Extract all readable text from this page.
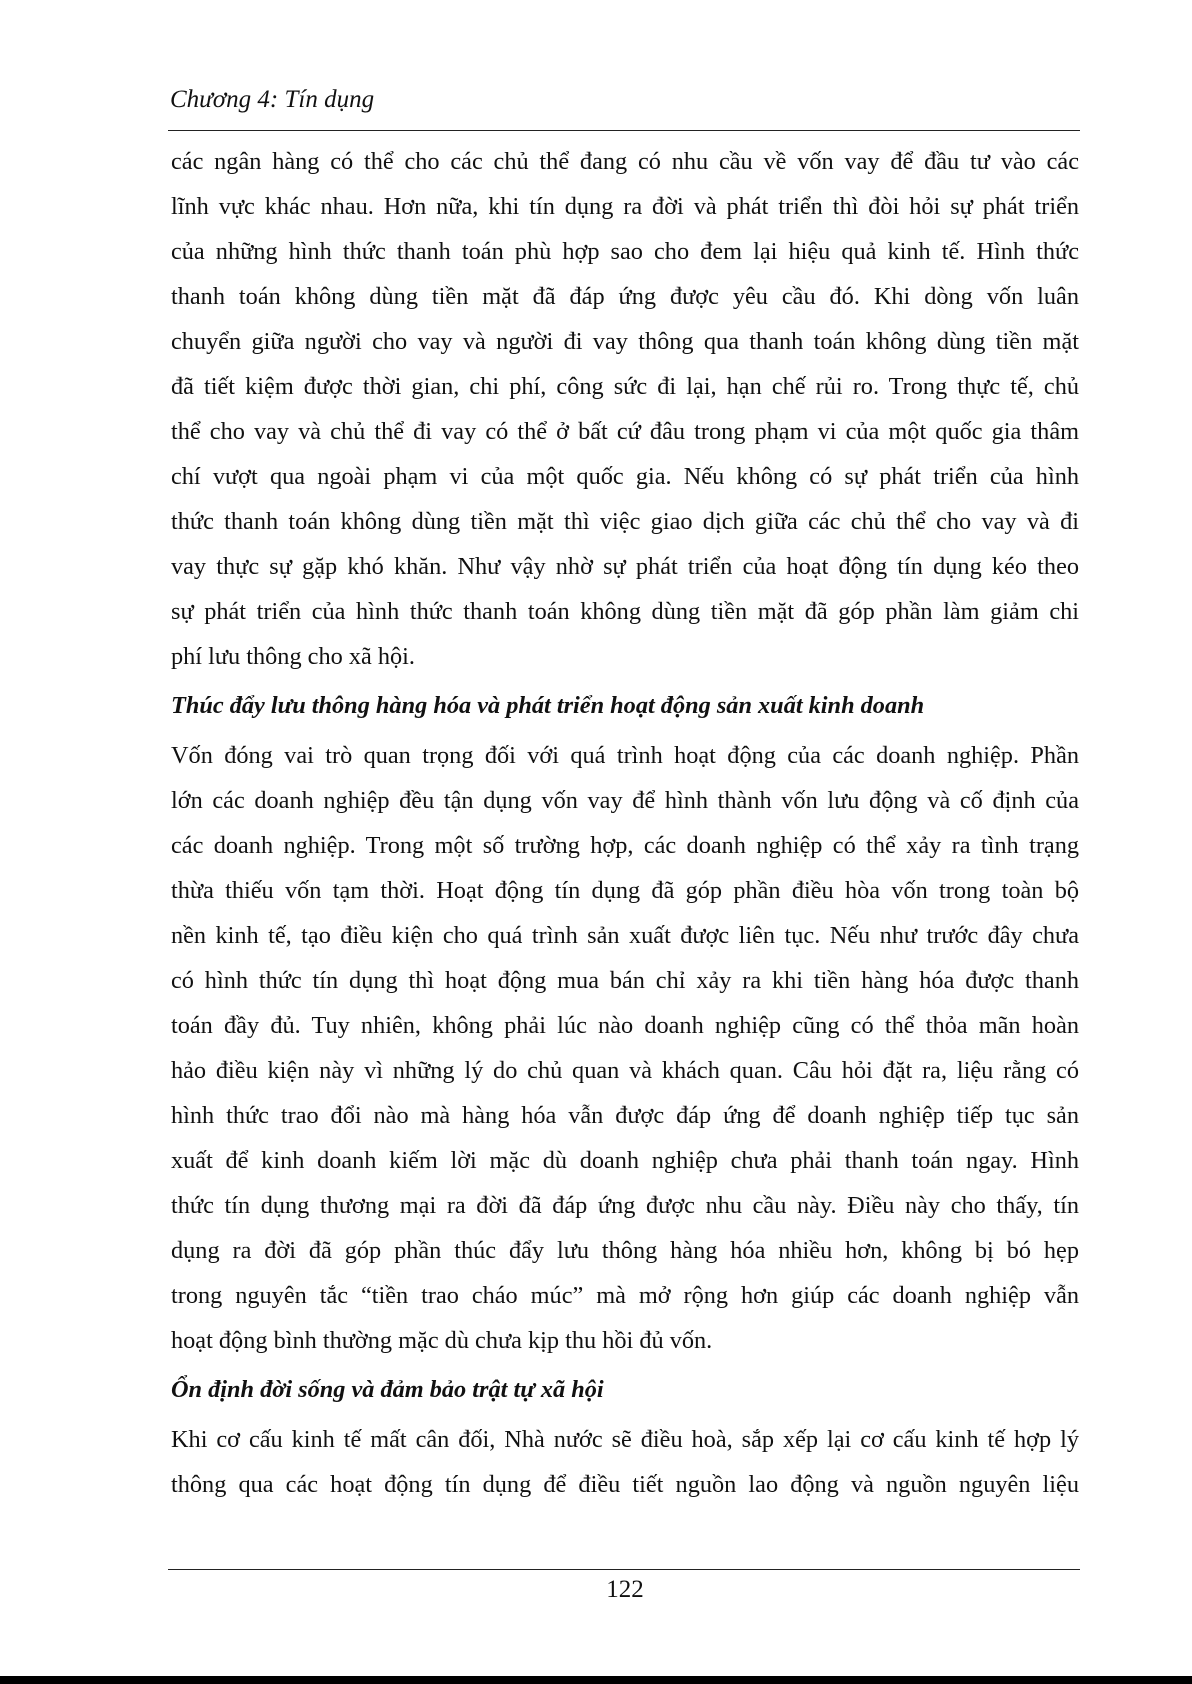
Chương 4: Tín dụng

các ngân hàng có thể cho các chủ thể đang có nhu cầu về vốn vay để đầu tư vào các

lĩnh vực khác nhau. Hơn nữa, khi tín dụng ra đời và phát triển thì đòi hỏi sự phát triển

của những hình thức thanh toán phù hợp sao cho đem lại hiệu quả kinh tế. Hình thức

thanh toán không dùng tiền mặt đã đáp ứng được yêu cầu đó. Khi dòng vốn luân

chuyển giữa người cho vay và người đi vay thông qua thanh toán không dùng tiền mặt

đã tiết kiệm được thời gian, chi phí, công sức đi lại, hạn chế rủi ro. Trong thực tế, chủ

thể cho vay và chủ thể đi vay có thể ở bất cứ đâu trong phạm vi của một quốc gia thâm

chí vượt qua ngoài phạm vi của một quốc gia. Nếu không có sự phát triển của hình

thức thanh toán không dùng tiền mặt thì việc giao dịch giữa các chủ thể cho vay và đi

vay thực sự gặp khó khăn. Như vậy nhờ sự phát triển của hoạt động tín dụng kéo theo

sự phát triển của hình thức thanh toán không dùng tiền mặt đã góp phần làm giảm chi

phí lưu thông cho xã hội.

Thúc đẩy lưu thông hàng hóa và phát triển hoạt động sản xuất kinh doanh

Vốn đóng vai trò quan trọng đối với quá trình hoạt động của các doanh nghiệp. Phần

lớn các doanh nghiệp đều tận dụng vốn vay để hình thành vốn lưu động và cố định của

các doanh nghiệp. Trong một số trường hợp, các doanh nghiệp có thể xảy ra tình trạng

thừa thiếu vốn tạm thời. Hoạt động tín dụng đã góp phần điều hòa vốn trong toàn bộ

nền kinh tế, tạo điều kiện cho quá trình sản xuất được liên tục. Nếu như trước đây chưa

có hình thức tín dụng thì hoạt động mua bán chỉ xảy ra khi tiền hàng hóa được thanh

toán đầy đủ. Tuy nhiên, không phải lúc nào doanh nghiệp cũng có thể thỏa mãn hoàn

hảo điều kiện này vì những lý do chủ quan và khách quan. Câu hỏi đặt ra, liệu rằng có

hình thức trao đổi nào mà hàng hóa vẫn được đáp ứng để doanh nghiệp tiếp tục sản

xuất để kinh doanh kiếm lời mặc dù doanh nghiệp chưa phải thanh toán ngay. Hình

thức tín dụng thương mại ra đời đã đáp ứng được nhu cầu này. Điều này cho thấy, tín

dụng ra đời đã góp phần thúc đẩy lưu thông hàng hóa nhiều hơn, không bị bó hẹp

trong nguyên tắc “tiền trao cháo múc” mà mở rộng hơn giúp các doanh nghiệp vẫn

hoạt động bình thường mặc dù chưa kịp thu hồi đủ vốn.

Ổn định đời sống và đảm bảo trật tự xã hội

Khi cơ cấu kinh tế mất cân đối, Nhà nước sẽ điều hoà, sắp xếp lại cơ cấu kinh tế hợp lý

thông qua các hoạt động tín dụng để điều tiết nguồn lao động và nguồn nguyên liệu

122
